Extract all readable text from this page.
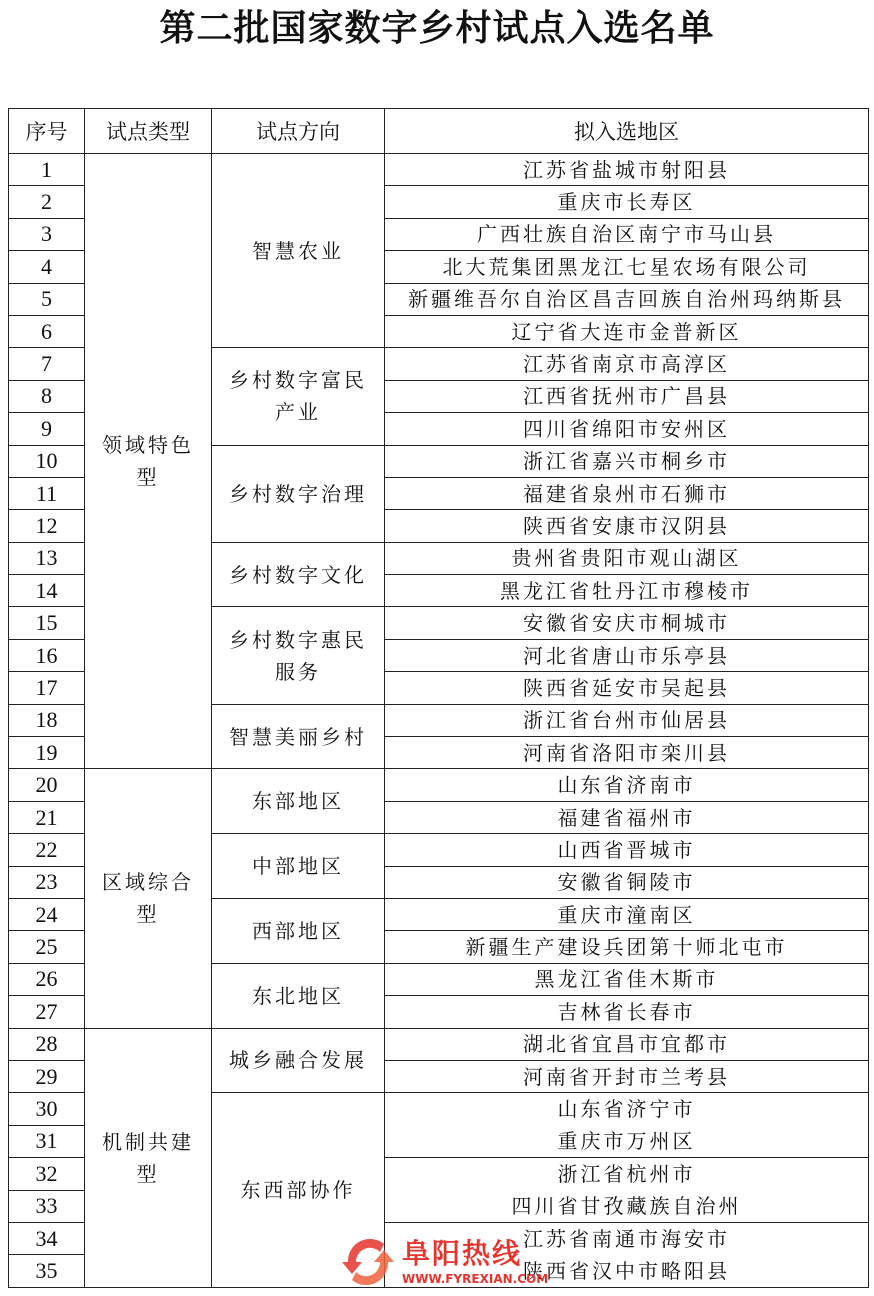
第二批国家数字乡村试点入选名单
序号	试点类型	试点方向	拟入选地区
1	领域特色型	智慧农业	江苏省盐城市射阳县
2			重庆市长寿区
3			广西壮族自治区南宁市马山县
4			北大荒集团黑龙江七星农场有限公司
5			新疆维吾尔自治区昌吉回族自治州玛纳斯县
6			辽宁省大连市金普新区
7		乡村数字富民产业	江苏省南京市高淳区
8			江西省抚州市广昌县
9			四川省绵阳市安州区
10		乡村数字治理	浙江省嘉兴市桐乡市
11			福建省泉州市石狮市
12			陕西省安康市汉阴县
13		乡村数字文化	贵州省贵阳市观山湖区
14			黑龙江省牡丹江市穆棱市
15		乡村数字惠民服务	安徽省安庆市桐城市
16			河北省唐山市乐亭县
17			陕西省延安市吴起县
18		智慧美丽乡村	浙江省台州市仙居县
19			河南省洛阳市栾川县
20	区域综合型	东部地区	山东省济南市
21			福建省福州市
22		中部地区	山西省晋城市
23			安徽省铜陵市
24		西部地区	重庆市潼南区
25			新疆生产建设兵团第十师北屯市
26		东北地区	黑龙江省佳木斯市
27			吉林省长春市
28	机制共建型	城乡融合发展	湖北省宜昌市宜都市
29			河南省开封市兰考县
30		东西部协作	山东省济宁市
31			重庆市万州区
32			浙江省杭州市
33			四川省甘孜藏族自治州
34			江苏省南通市海安市
35			陕西省汉中市略阳县
阜阳热线
WWW.FYREXIAN.COM
